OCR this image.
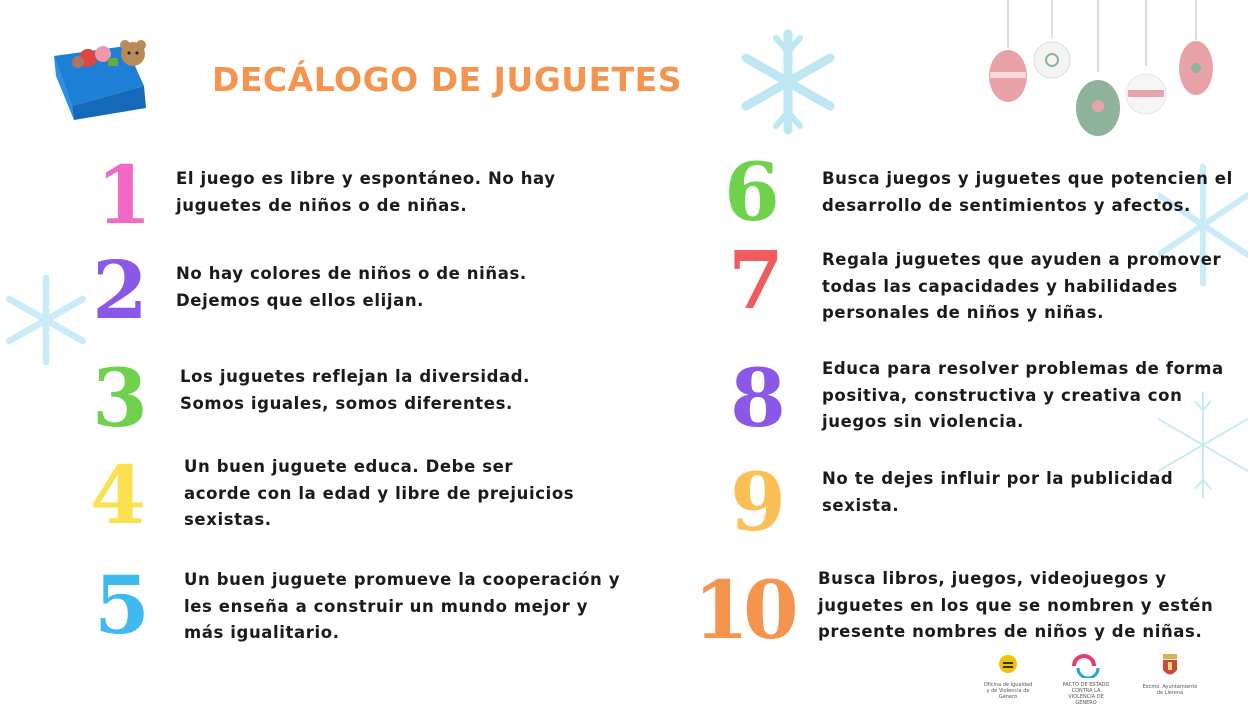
DECÁLOGO DE JUGUETES
1 El juego es libre y espontáneo. No hay
juguetes de niños o de niñas.
2 No hay colores de niños o de niñas.
Dejemos que ellos elijan.
3 Los juguetes reflejan la diversidad.
Somos iguales, somos diferentes.
4 Un buen juguete educa. Debe ser
acorde con la edad y libre de prejuicios
sexistas.
5 Un buen juguete promueve la cooperación y
les enseña a construir un mundo mejor y
más igualitario.
6	Busca juegos y juguetes que potencien el
desarrollo de sentimientos y afectos.
7 Regala juguetes que ayuden a promover
todas las capacidades y habilidades
personales de niños y niñas.
8 Educa para resolver problemas de forma
positiva, constructiva y creativa con
juegos sin violencia.
9 No te dejes influir por la publicidad
sexista.
10	Busca libros, juegos, videojuegos y
juguetes en los que se nombren y estén
presente nombres de niños y de niñas.
Oficina de Igualdad
y de Violencia de Género
PACTO DE ESTADO
CONTRA LA VIOLENCIA DE GÉNERO
Excmo. Ayuntamiento
de Llerena
